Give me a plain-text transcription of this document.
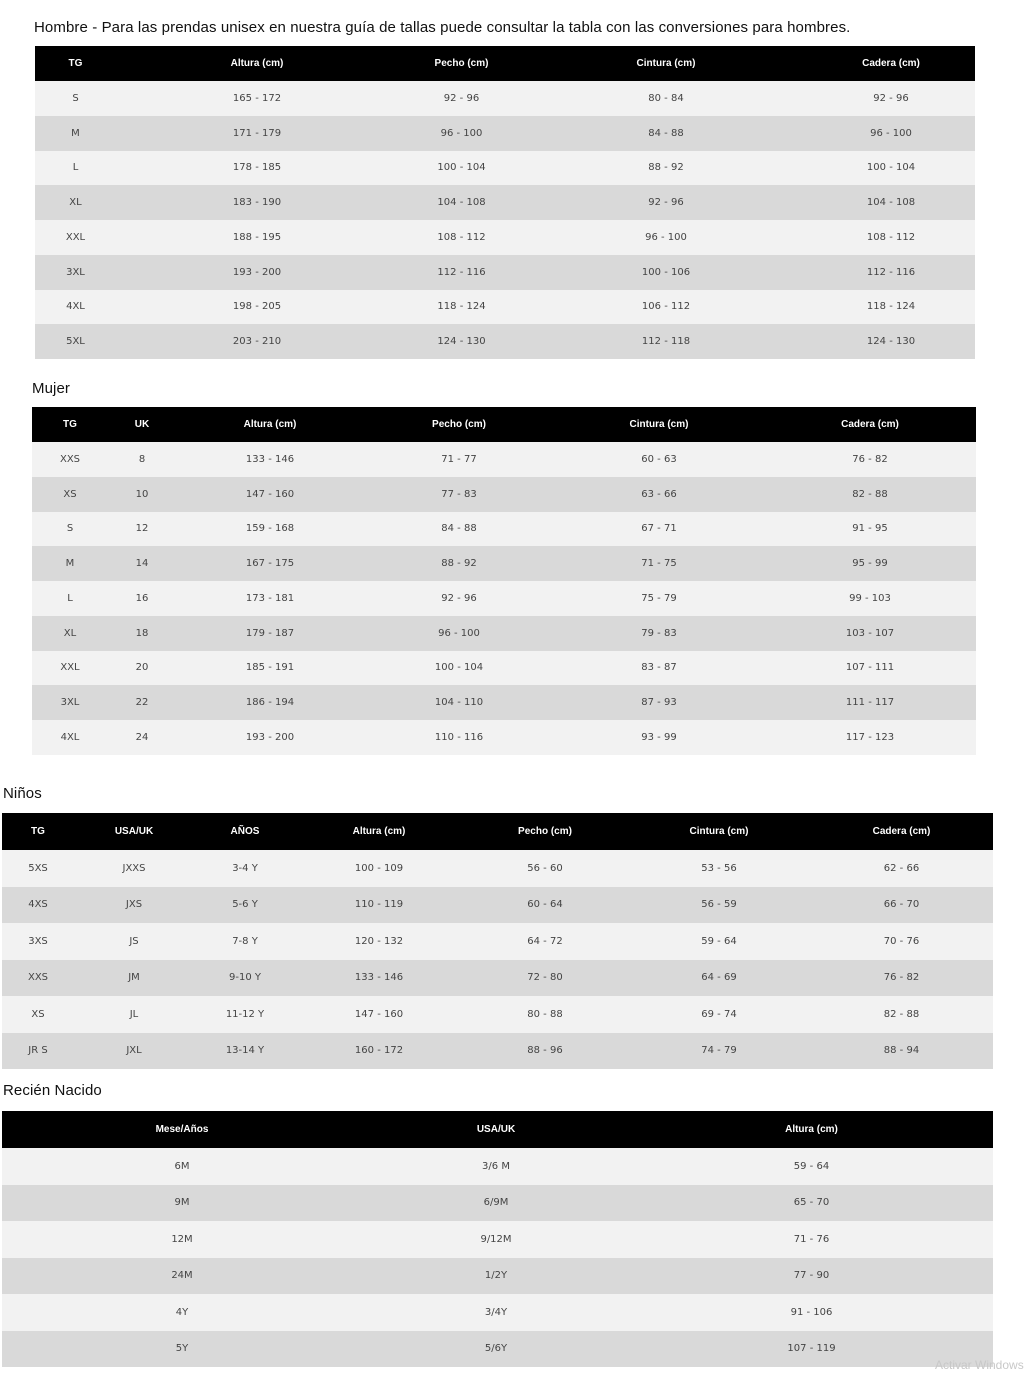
Hombre - Para las prendas unisex en nuestra guía de tallas puede consultar la tabla con las conversiones para hombres.
TG	Altura (cm)	Pecho (cm)	Cintura (cm)	Cadera (cm)
S	165 - 172	92 - 96	80 - 84	92 - 96
M	171 - 179	96 - 100	84 - 88	96 - 100
L	178 - 185	100 - 104	88 - 92	100 - 104
XL	183 - 190	104 - 108	92 - 96	104 - 108
XXL	188 - 195	108 - 112	96 - 100	108 - 112
3XL	193 - 200	112 - 116	100 - 106	112 - 116
4XL	198 - 205	118 - 124	106 - 112	118 - 124
5XL	203 - 210	124 - 130	112 - 118	124 - 130
Mujer
TG	UK	Altura (cm)	Pecho (cm)	Cintura (cm)	Cadera (cm)
XXS	8	133 - 146	71 - 77	60 - 63	76 - 82
XS	10	147 - 160	77 - 83	63 - 66	82 - 88
S	12	159 - 168	84 - 88	67 - 71	91 - 95
M	14	167 - 175	88 - 92	71 - 75	95 - 99
L	16	173 - 181	92 - 96	75 - 79	99 - 103
XL	18	179 - 187	96 - 100	79 - 83	103 - 107
XXL	20	185 - 191	100 - 104	83 - 87	107 - 111
3XL	22	186 - 194	104 - 110	87 - 93	111 - 117
4XL	24	193 - 200	110 - 116	93 - 99	117 - 123
Niños
TG	USA/UK	AÑOS	Altura (cm)	Pecho (cm)	Cintura (cm)	Cadera (cm)
5XS	JXXS	3-4 Y	100 - 109	56 - 60	53 - 56	62 - 66
4XS	JXS	5-6 Y	110 - 119	60 - 64	56 - 59	66 - 70
3XS	JS	7-8 Y	120 - 132	64 - 72	59 - 64	70 - 76
XXS	JM	9-10 Y	133 - 146	72 - 80	64 - 69	76 - 82
XS	JL	11-12 Y	147 - 160	80 - 88	69 - 74	82 - 88
JR S	JXL	13-14 Y	160 - 172	88 - 96	74 - 79	88 - 94
Recién Nacido
Mese/Años	USA/UK	Altura (cm)
6M	3/6 M	59 - 64
9M	6/9M	65 - 70
12M	9/12M	71 - 76
24M	1/2Y	77 - 90
4Y	3/4Y	91 - 106
5Y	5/6Y	107 - 119
Activar Windows
